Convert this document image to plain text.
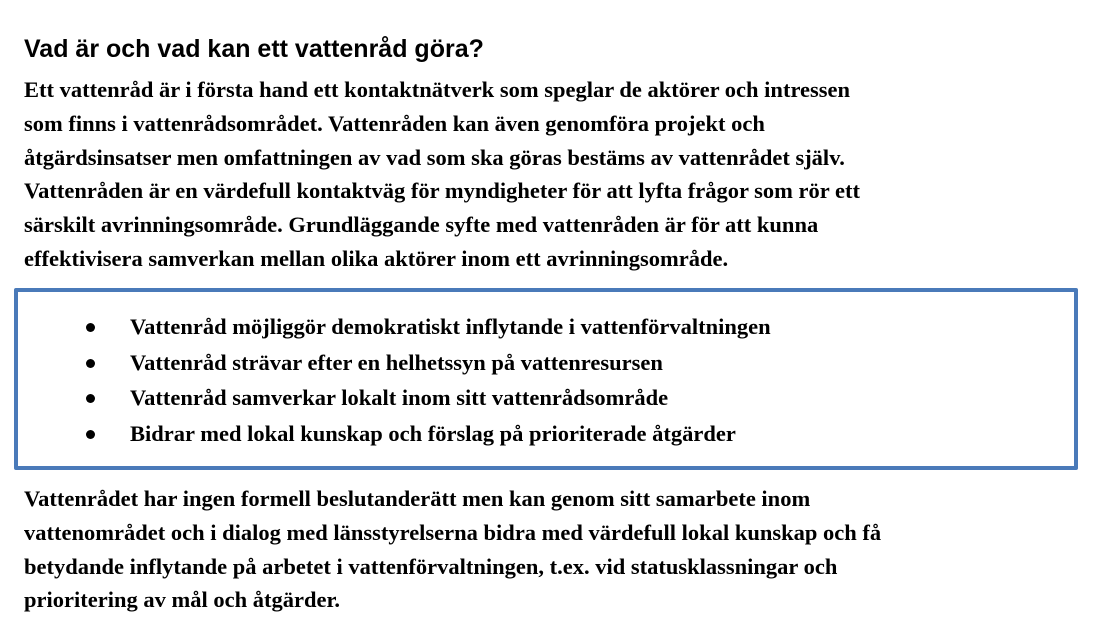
Vad är och vad kan ett vattenråd göra?

Ett vattenråd är i första hand ett kontaktnätverk som speglar de aktörer och intressen
som finns i vattenrådsområdet. Vattenråden kan även genomföra projekt och
åtgärdsinsatser men omfattningen av vad som ska göras bestäms av vattenrådet själv.
Vattenråden är en värdefull kontaktväg för myndigheter för att lyfta frågor som rör ett
särskilt avrinningsområde. Grundläggande syfte med vattenråden är för att kunna
effektivisera samverkan mellan olika aktörer inom ett avrinningsområde.

Vattenråd möjliggör demokratiskt inflytande i vattenförvaltningen
Vattenråd strävar efter en helhetssyn på vattenresursen
Vattenråd samverkar lokalt inom sitt vattenrådsområde
Bidrar med lokal kunskap och förslag på prioriterade åtgärder

Vattenrådet har ingen formell beslutanderätt men kan genom sitt samarbete inom
vattenområdet och i dialog med länsstyrelserna bidra med värdefull lokal kunskap och få
betydande inflytande på arbetet i vattenförvaltningen, t.ex. vid statusklassningar och
prioritering av mål och åtgärder.
